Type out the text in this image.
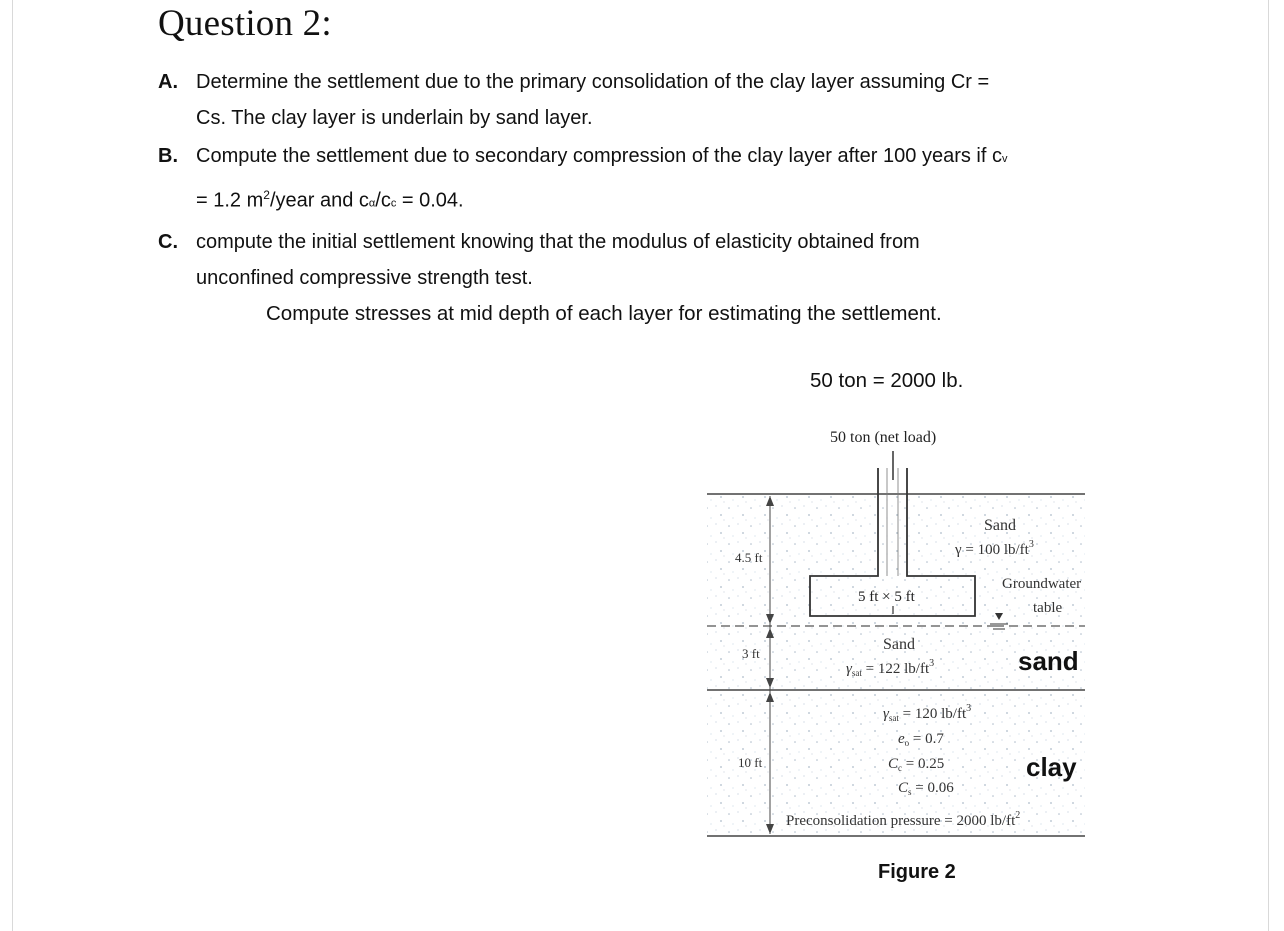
Question 2:
A. Determine the settlement due to the primary consolidation of the clay layer assuming Cr =
Cs. The clay layer is underlain by sand layer.
B. Compute the settlement due to secondary compression of the clay layer after 100 years if cv
= 1.2 $m^2$/year and cα/cc = 0.04.
C. compute the initial settlement knowing that the modulus of elasticity obtained from
unconfined compressive strength test.
Compute stresses at mid depth of each layer for estimating the settlement.
50 ton = 2000 lb.
50 ton (net load)
5 ft × 5 ft
4.5 ft
3 ft
10 ft
Sand
γ = 100 $lb/ft^3$
Groundwater
table
Sand
$\gamma_{sat} = 122$ $lb/ft^3$	sand
$\gamma_{sat} = 120$ $lb/ft^3$
$e_o = 0.7$
$C_c = 0.25$
$C_s = 0.06$
clay
Preconsolidation pressure = 2000 $lb/ft^2$
Figure 2
